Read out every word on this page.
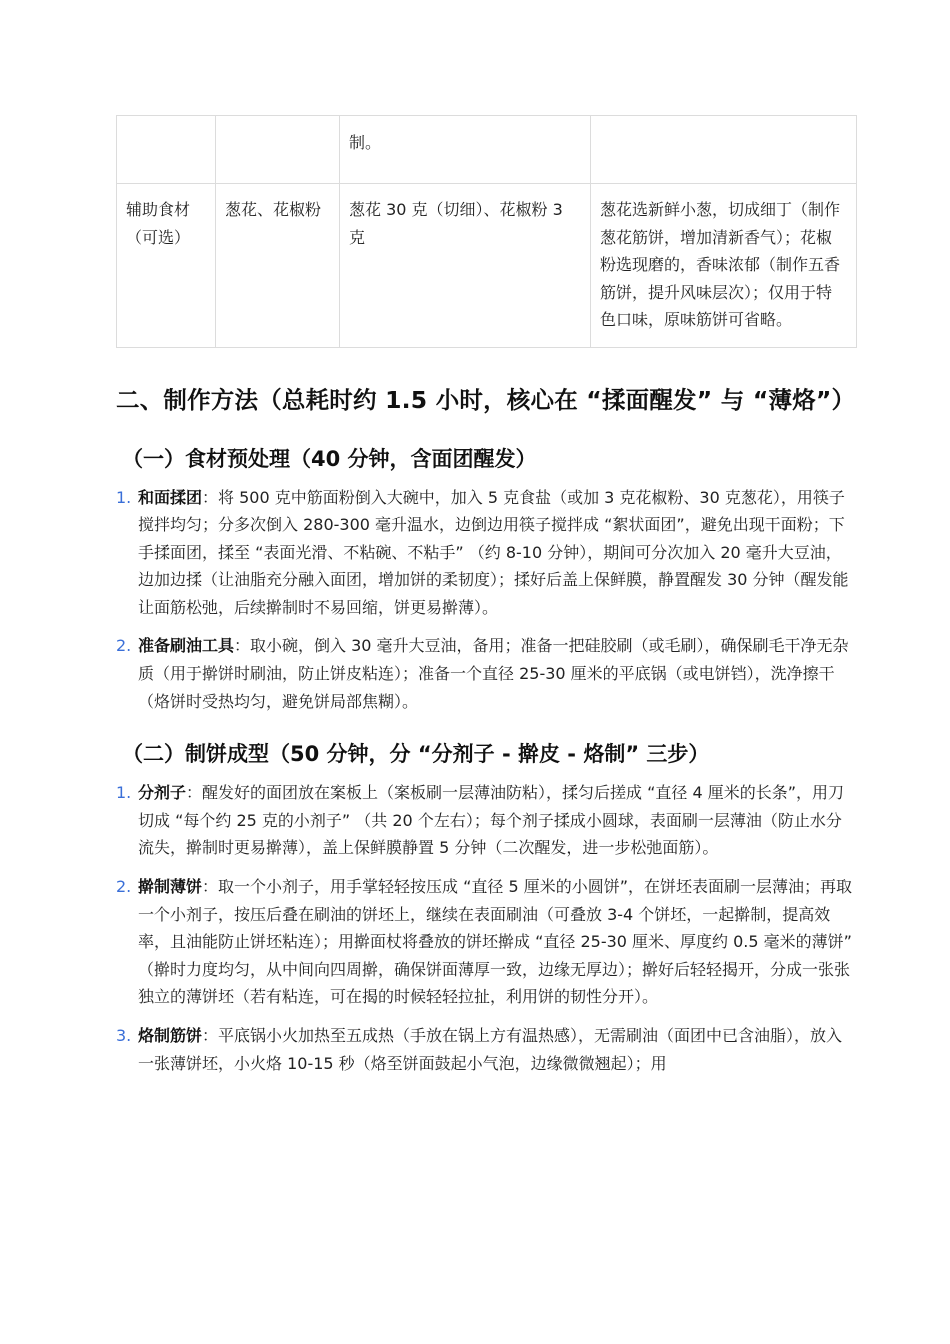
		制。	
辅助食材（可选）	葱花、花椒粉	葱花 30 克（切细）、花椒粉 3 克	葱花选新鲜小葱，切成细丁（制作葱花筋饼，增加清新香气）；花椒粉选现磨的，香味浓郁（制作五香筋饼，提升风味层次）；仅用于特色口味，原味筋饼可省略。
二、制作方法（总耗时约 1.5 小时，核心在 “揉面醒发” 与 “薄烙”）
（一）食材预处理（40 分钟，含面团醒发）
1. 和面揉团：将 500 克中筋面粉倒入大碗中，加入 5 克食盐（或加 3 克花椒粉、30 克葱花），用筷子搅拌均匀；分多次倒入 280-300 毫升温水，边倒边用筷子搅拌成 “絮状面团”，避免出现干面粉；下手揉面团，揉至 “表面光滑、不粘碗、不粘手” （约 8-10 分钟），期间可分次加入 20 毫升大豆油，边加边揉（让油脂充分融入面团，增加饼的柔韧度）；揉好后盖上保鲜膜，静置醒发 30 分钟（醒发能让面筋松弛，后续擀制时不易回缩，饼更易擀薄）。
2. 准备刷油工具：取小碗，倒入 30 毫升大豆油，备用；准备一把硅胶刷（或毛刷），确保刷毛干净无杂质（用于擀饼时刷油，防止饼皮粘连）；准备一个直径 25-30 厘米的平底锅（或电饼铛），洗净擦干（烙饼时受热均匀，避免饼局部焦糊）。
（二）制饼成型（50 分钟，分 “分剂子 - 擀皮 - 烙制” 三步）
1. 分剂子：醒发好的面团放在案板上（案板刷一层薄油防粘），揉匀后搓成 “直径 4 厘米的长条”，用刀切成 “每个约 25 克的小剂子” （共 20 个左右）；每个剂子揉成小圆球，表面刷一层薄油（防止水分流失，擀制时更易擀薄），盖上保鲜膜静置 5 分钟（二次醒发，进一步松弛面筋）。
2. 擀制薄饼：取一个小剂子，用手掌轻轻按压成 “直径 5 厘米的小圆饼”，在饼坯表面刷一层薄油；再取一个小剂子，按压后叠在刷油的饼坯上，继续在表面刷油（可叠放 3-4 个饼坯，一起擀制，提高效率，且油能防止饼坯粘连）；用擀面杖将叠放的饼坯擀成 “直径 25-30 厘米、厚度约 0.5 毫米的薄饼” （擀时力度均匀，从中间向四周擀，确保饼面薄厚一致，边缘无厚边）；擀好后轻轻揭开，分成一张张独立的薄饼坯（若有粘连，可在揭的时候轻轻拉扯，利用饼的韧性分开）。
3. 烙制筋饼：平底锅小火加热至五成热（手放在锅上方有温热感），无需刷油（面团中已含油脂），放入一张薄饼坯，小火烙 10-15 秒（烙至饼面鼓起小气泡，边缘微微翘起）；用
